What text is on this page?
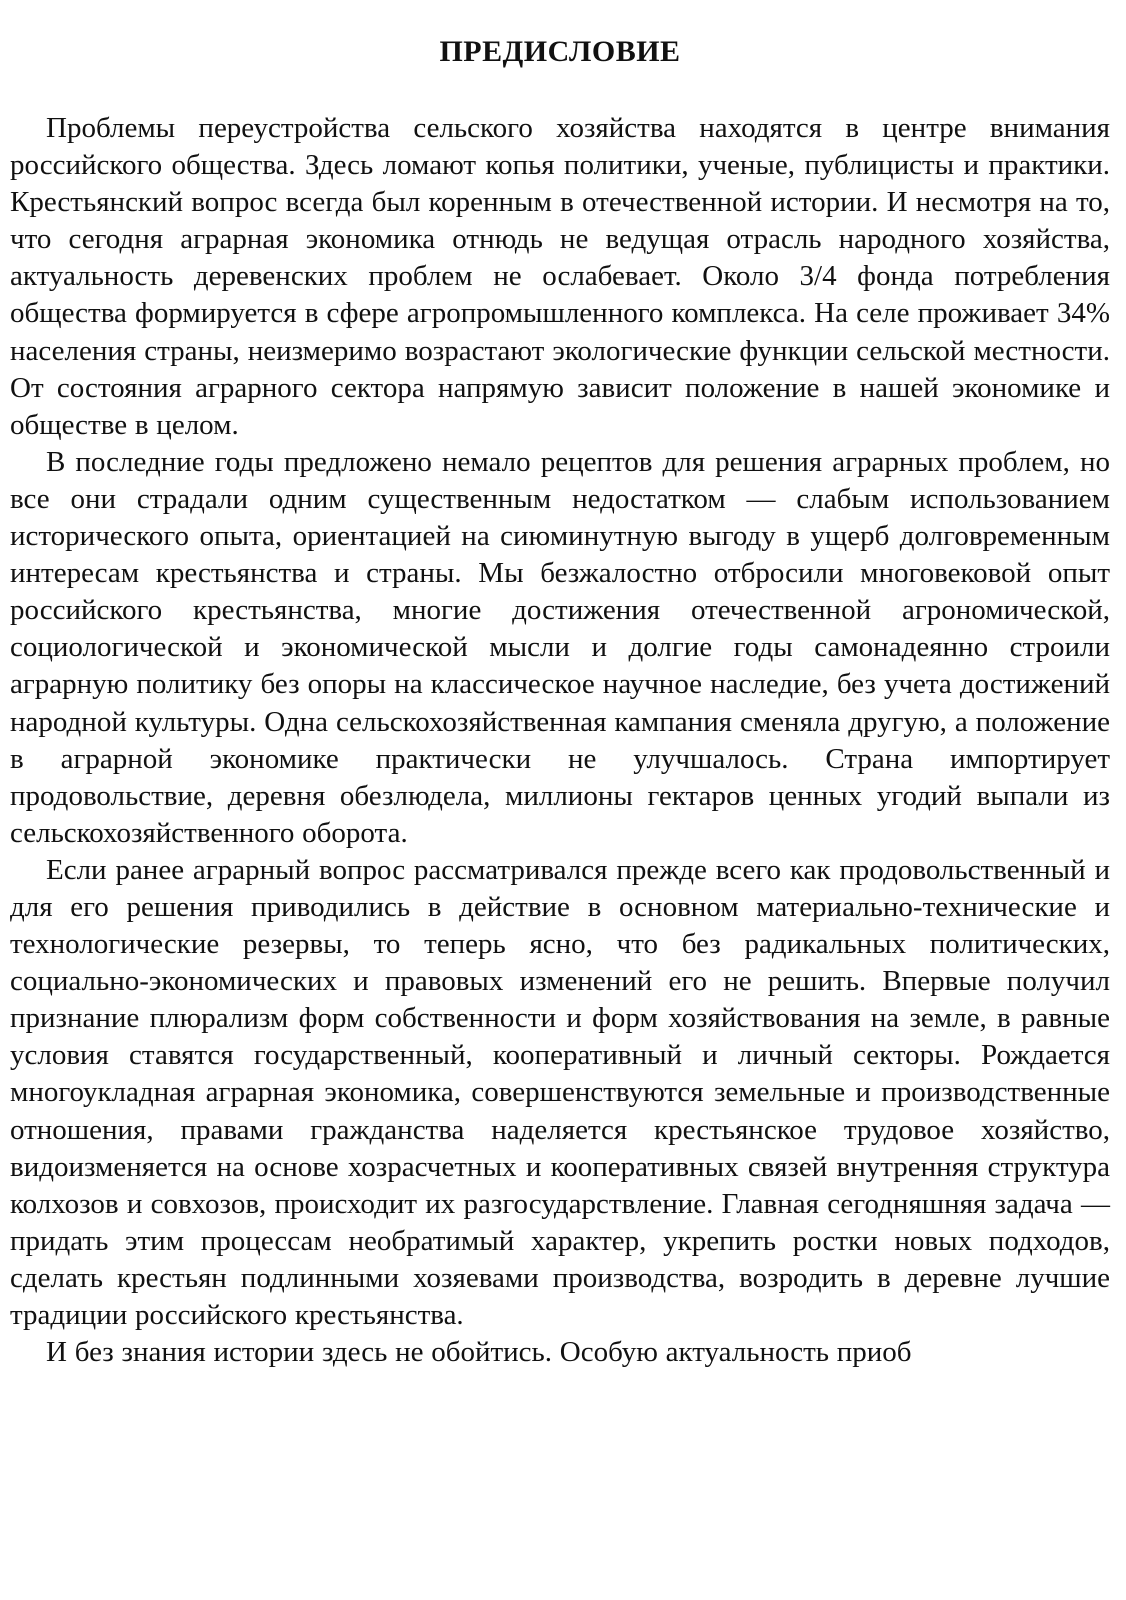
ПРЕДИСЛОВИЕ

Проблемы переустройства сельского хозяйства находятся в центре внимания российского общества. Здесь ломают копья политики, ученые, публицисты и практики. Крестьянский вопрос всегда был коренным в отечественной истории. И несмотря на то, что сегодня аграрная экономика отнюдь не ведущая отрасль народного хозяйства, актуальность деревенских проблем не ослабевает. Около 3/4 фонда потребления общества формируется в сфере агропромышленного комплекса. На селе проживает 34% населения страны, неизмеримо возрастают экологические функции сельской местности. От состояния аграрного сектора напрямую зависит положение в нашей экономике и обществе в целом.

В последние годы предложено немало рецептов для решения аграрных проблем, но все они страдали одним существенным недостатком — слабым использованием исторического опыта, ориентацией на сиюминутную выгоду в ущерб долговременным интересам крестьянства и страны. Мы безжалостно отбросили многовековой опыт российского крестьянства, многие достижения отечественной агрономической, социологической и экономической мысли и долгие годы самонадеянно строили аграрную политику без опоры на классическое научное наследие, без учета достижений народной культуры. Одна сельскохозяйственная кампания сменяла другую, а положение в аграрной экономике практически не улучшалось. Страна импортирует продовольствие, деревня обезлюдела, миллионы гектаров ценных угодий выпали из сельскохозяйственного оборота.

Если ранее аграрный вопрос рассматривался прежде всего как продовольственный и для его решения приводились в действие в основном материально-технические и технологические резервы, то теперь ясно, что без радикальных политических, социально-экономических и правовых изменений его не решить. Впервые получил признание плюрализм форм собственности и форм хозяйствования на земле, в равные условия ставятся государственный, кооперативный и личный секторы. Рождается многоукладная аграрная экономика, совершенствуются земельные и производственные отношения, правами гражданства наделяется крестьянское трудовое хозяйство, видоизменяется на основе хозрасчетных и кооперативных связей внутренняя структура колхозов и совхозов, происходит их разгосударствление. Главная сегодняшняя задача — придать этим процессам необратимый характер, укрепить ростки новых подходов, сделать крестьян подлинными хозяевами производства, возродить в деревне лучшие традиции российского крестьянства.

И без знания истории здесь не обойтись. Особую актуальность приоб
